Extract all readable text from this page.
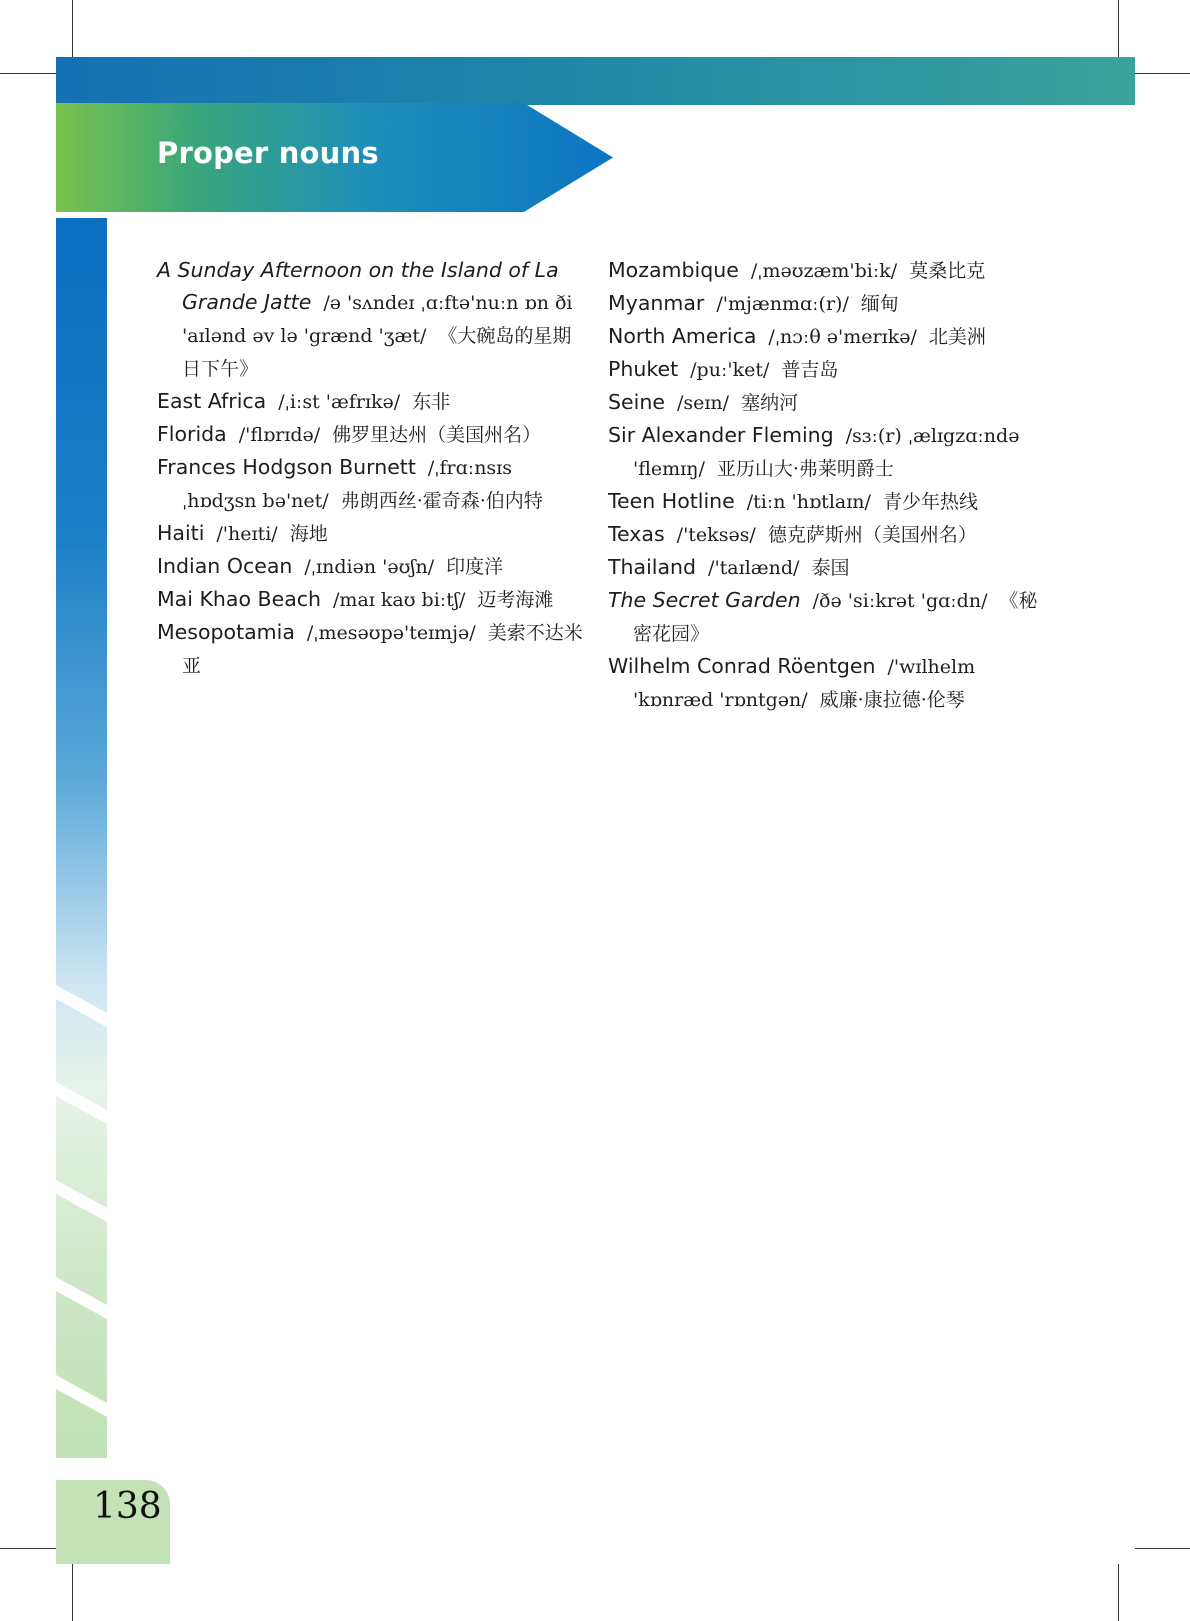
Proper nouns

138

A Sunday Afternoon on the Island of La Grande Jatte /ə 'sʌndeɪ ˌɑːftə'nuːn ɒn ði 'aɪlənd əv lə 'grænd 'ʒæt/ 《大碗岛的星期日下午》

East Africa /ˌiːst 'æfrɪkə/ 东非

Florida /'flɒrɪdə/ 佛罗里达州（美国州名）

Frances Hodgson Burnett /ˌfrɑːnsɪs ˌhɒdʒsn bə'net/ 弗朗西丝·霍奇森·伯内特

Haiti /'heɪti/ 海地

Indian Ocean /ˌɪndiən 'əʊʃn/ 印度洋

Mai Khao Beach /maɪ kaʊ biːtʃ/ 迈考海滩

Mesopotamia /ˌmesəʊpə'teɪmjə/ 美索不达米亚

Mozambique /ˌməʊzæm'biːk/ 莫桑比克

Myanmar /'mjænmɑː(r)/ 缅甸

North America /ˌnɔːθ ə'merɪkə/ 北美洲

Phuket /puː'ket/ 普吉岛

Seine /seɪn/ 塞纳河

Sir Alexander Fleming /sɜː(r) ˌælɪgzɑːndə 'flemɪŋ/ 亚历山大·弗莱明爵士

Teen Hotline /tiːn 'hɒtlaɪn/ 青少年热线

Texas /'teksəs/ 德克萨斯州（美国州名）

Thailand /'taɪlænd/ 泰国

The Secret Garden /ðə 'siːkrət 'gɑːdn/ 《秘密花园》

Wilhelm Conrad Röentgen /'wɪlhelm 'kɒnræd 'rɒntgən/ 威廉·康拉德·伦琴
